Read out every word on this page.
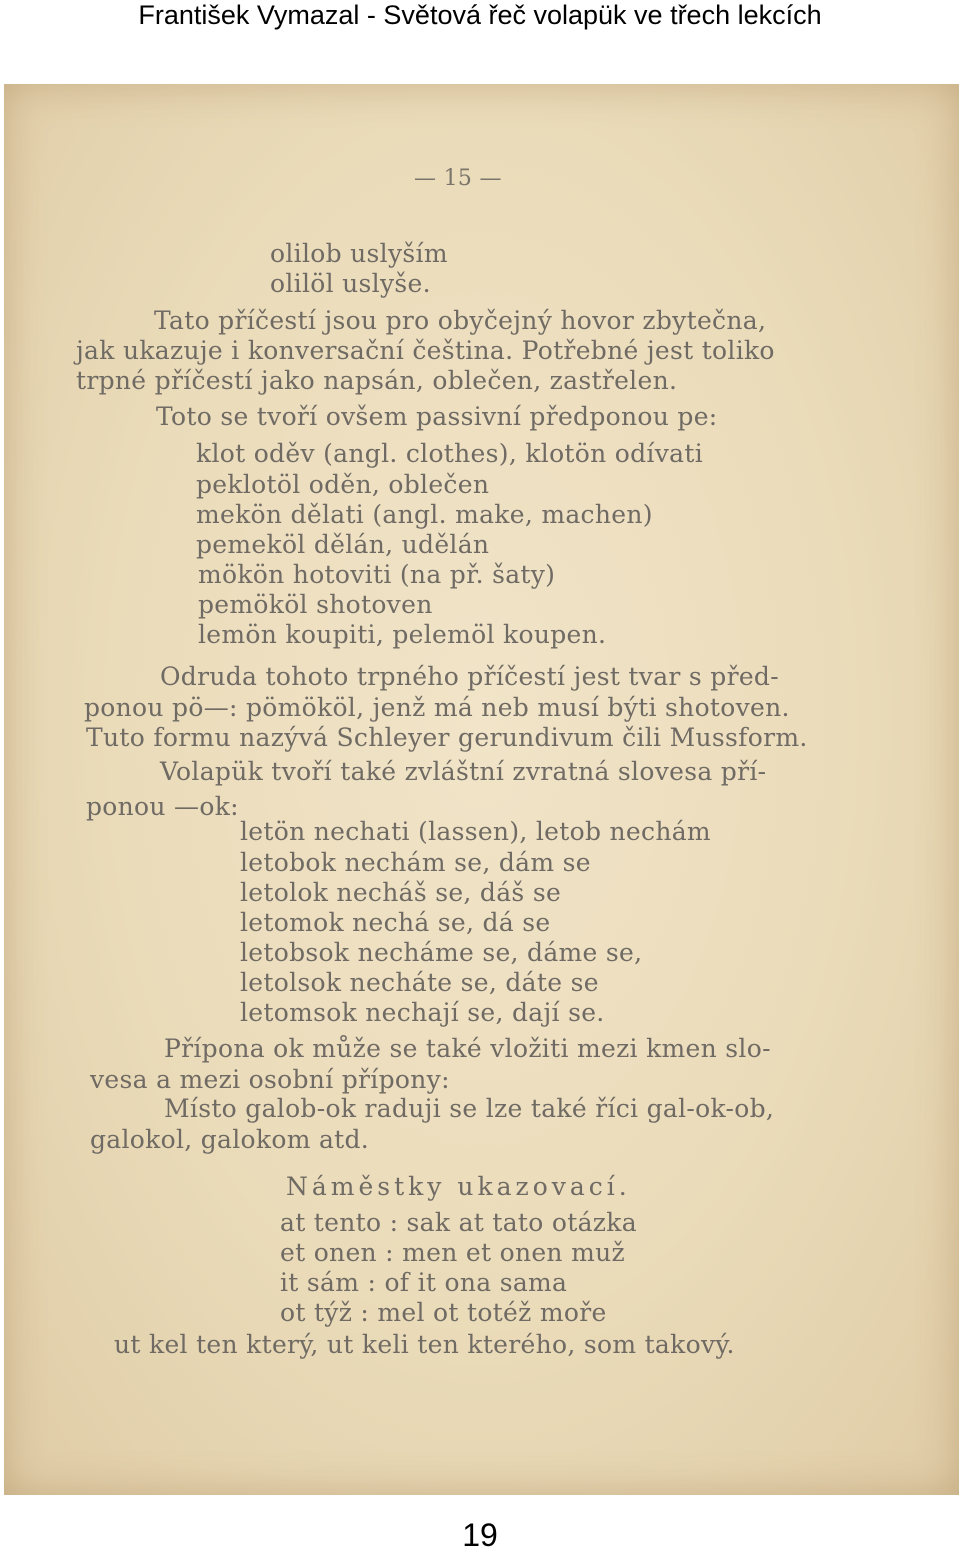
František Vymazal - Světová řeč volapük ve třech lekcích
— 15 —
olilob uslyším
olilöl uslyše.
Tato příčestí jsou pro obyčejný hovor zbytečna,
jak ukazuje i konversační čeština. Potřebné jest toliko
trpné příčestí jako napsán, oblečen, zastřelen.
Toto se tvoří ovšem passivní předponou pe:
klot oděv (angl. clothes), klotön odívati
peklotöl oděn, oblečen
mekön dělati (angl. make, machen)
pemeköl dělán, udělán
mökön hotoviti (na př. šaty)
pemököl shotoven
lemön koupiti, pelemöl koupen.
Odruda tohoto trpného příčestí jest tvar s před-
ponou pö—: pömököl, jenž má neb musí býti shotoven.
Tuto formu nazývá Schleyer gerundivum čili Mussform.
Volapük tvoří také zvláštní zvratná slovesa pří-
ponou —ok:
letön nechati (lassen), letob nechám
letobok nechám se, dám se
letolok necháš se, dáš se
letomok nechá se, dá se
letobsok necháme se, dáme se,
letolsok necháte se, dáte se
letomsok nechají se, dají se.
Přípona ok může se také vložiti mezi kmen slo-
vesa a mezi osobní přípony:
Místo galob-ok raduji se lze také říci gal-ok-ob,
galokol, galokom atd.
Náměstky ukazovací.
at tento : sak at tato otázka
et onen : men et onen muž
it sám : of it ona sama
ot týž : mel ot totéž moře
ut kel ten který, ut keli ten kterého, som takový.
19
